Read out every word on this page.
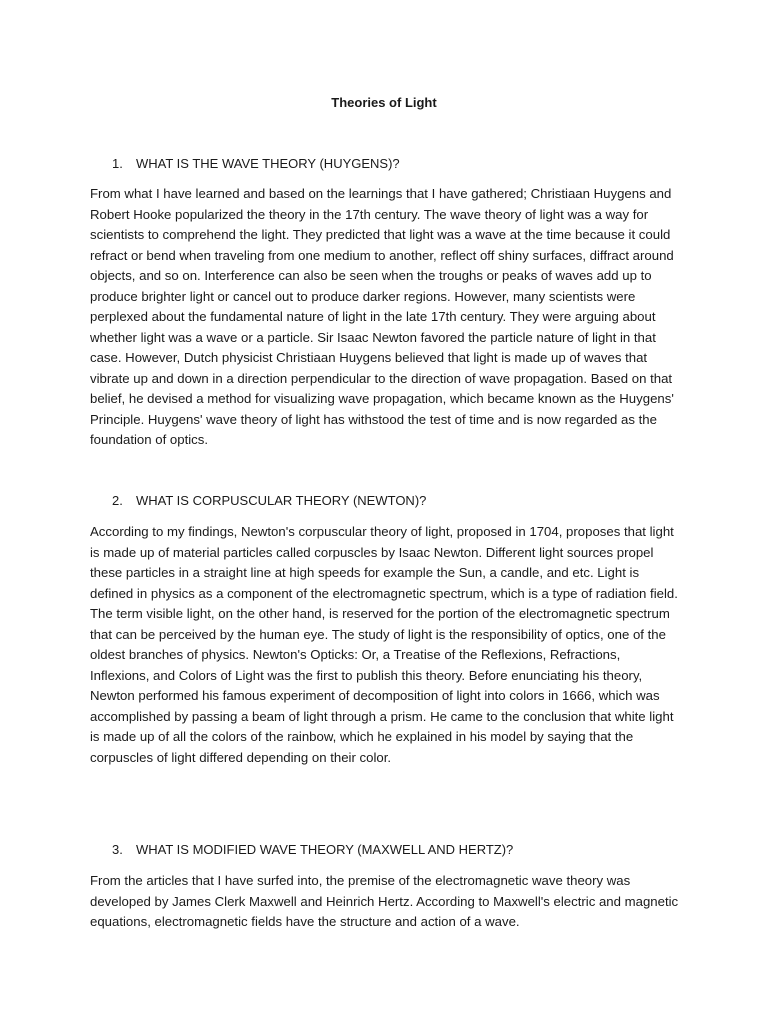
Theories of Light
1. WHAT IS THE WAVE THEORY (HUYGENS)?

From what I have learned and based on the learnings that I have gathered; Christiaan Huygens and Robert Hooke popularized the theory in the 17th century. The wave theory of light was a way for scientists to comprehend the light. They predicted that light was a wave at the time because it could refract or bend when traveling from one medium to another, reflect off shiny surfaces, diffract around objects, and so on. Interference can also be seen when the troughs or peaks of waves add up to produce brighter light or cancel out to produce darker regions. However, many scientists were perplexed about the fundamental nature of light in the late 17th century. They were arguing about whether light was a wave or a particle. Sir Isaac Newton favored the particle nature of light in that case. However, Dutch physicist Christiaan Huygens believed that light is made up of waves that vibrate up and down in a direction perpendicular to the direction of wave propagation. Based on that belief, he devised a method for visualizing wave propagation, which became known as the Huygens' Principle. Huygens' wave theory of light has withstood the test of time and is now regarded as the foundation of optics.

2. WHAT IS CORPUSCULAR THEORY (NEWTON)?

According to my findings, Newton's corpuscular theory of light, proposed in 1704, proposes that light is made up of material particles called corpuscles by Isaac Newton. Different light sources propel these particles in a straight line at high speeds for example the Sun, a candle, and etc. Light is defined in physics as a component of the electromagnetic spectrum, which is a type of radiation field. The term visible light, on the other hand, is reserved for the portion of the electromagnetic spectrum that can be perceived by the human eye. The study of light is the responsibility of optics, one of the oldest branches of physics. Newton's Opticks: Or, a Treatise of the Reflexions, Refractions, Inflexions, and Colors of Light was the first to publish this theory. Before enunciating his theory, Newton performed his famous experiment of decomposition of light into colors in 1666, which was accomplished by passing a beam of light through a prism. He came to the conclusion that white light is made up of all the colors of the rainbow, which he explained in his model by saying that the corpuscles of light differed depending on their color.

3. WHAT IS MODIFIED WAVE THEORY (MAXWELL AND HERTZ)?

From the articles that I have surfed into, the premise of the electromagnetic wave theory was developed by James Clerk Maxwell and Heinrich Hertz. According to Maxwell's electric and magnetic equations, electromagnetic fields have the structure and action of a wave.
